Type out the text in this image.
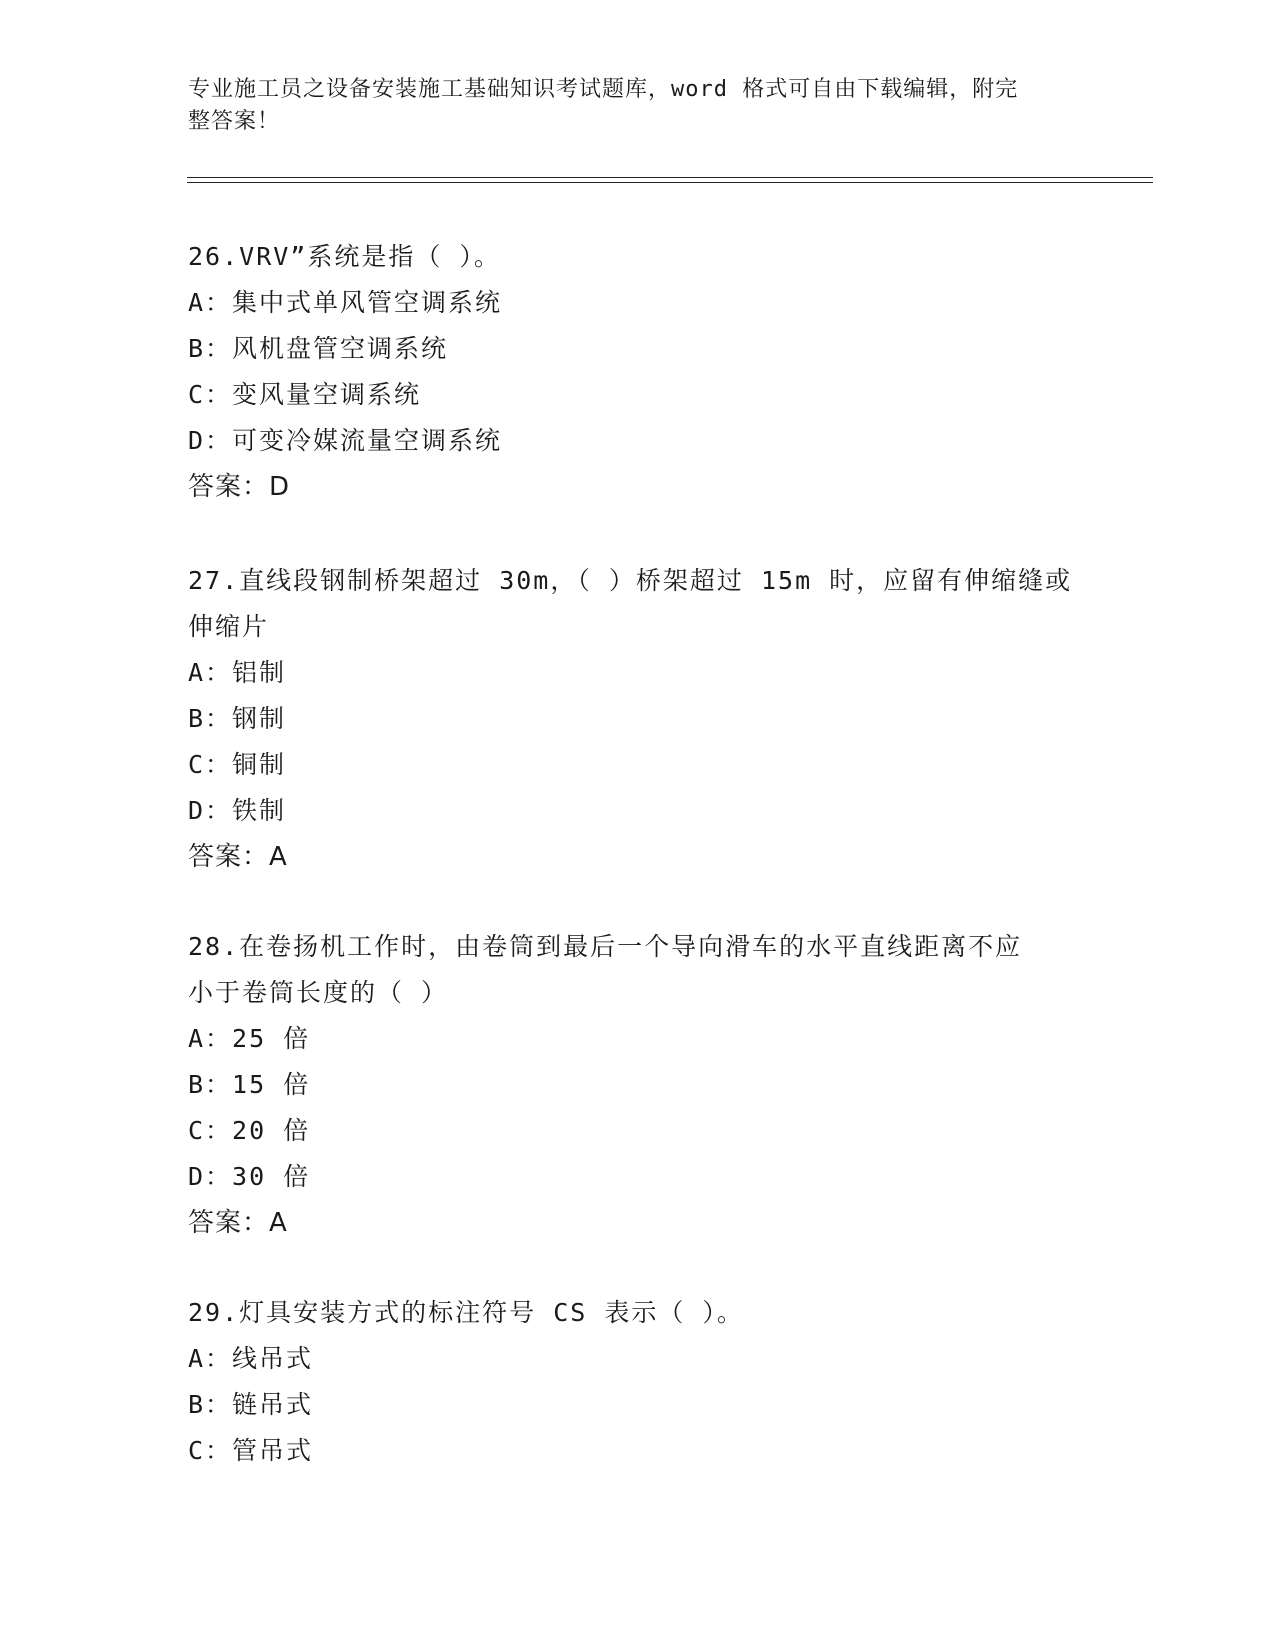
专业施工员之设备安装施工基础知识考试题库，word 格式可自由下载编辑，附完
整答案！
26.VRV”系统是指（ ）。
A：集中式单风管空调系统
B：风机盘管空调系统
C：变风量空调系统
D：可变冷媒流量空调系统
答案：D
27.直线段钢制桥架超过 30m，（ ）桥架超过 15m 时，应留有伸缩缝或
伸缩片
A：铝制
B：钢制
C：铜制
D：铁制
答案：A
28.在卷扬机工作时，由卷筒到最后一个导向滑车的水平直线距离不应
小于卷筒长度的（ ）
A：25 倍
B：15 倍
C：20 倍
D：30 倍
答案：A
29.灯具安装方式的标注符号 CS 表示（ ）。
A：线吊式
B：链吊式
C：管吊式
